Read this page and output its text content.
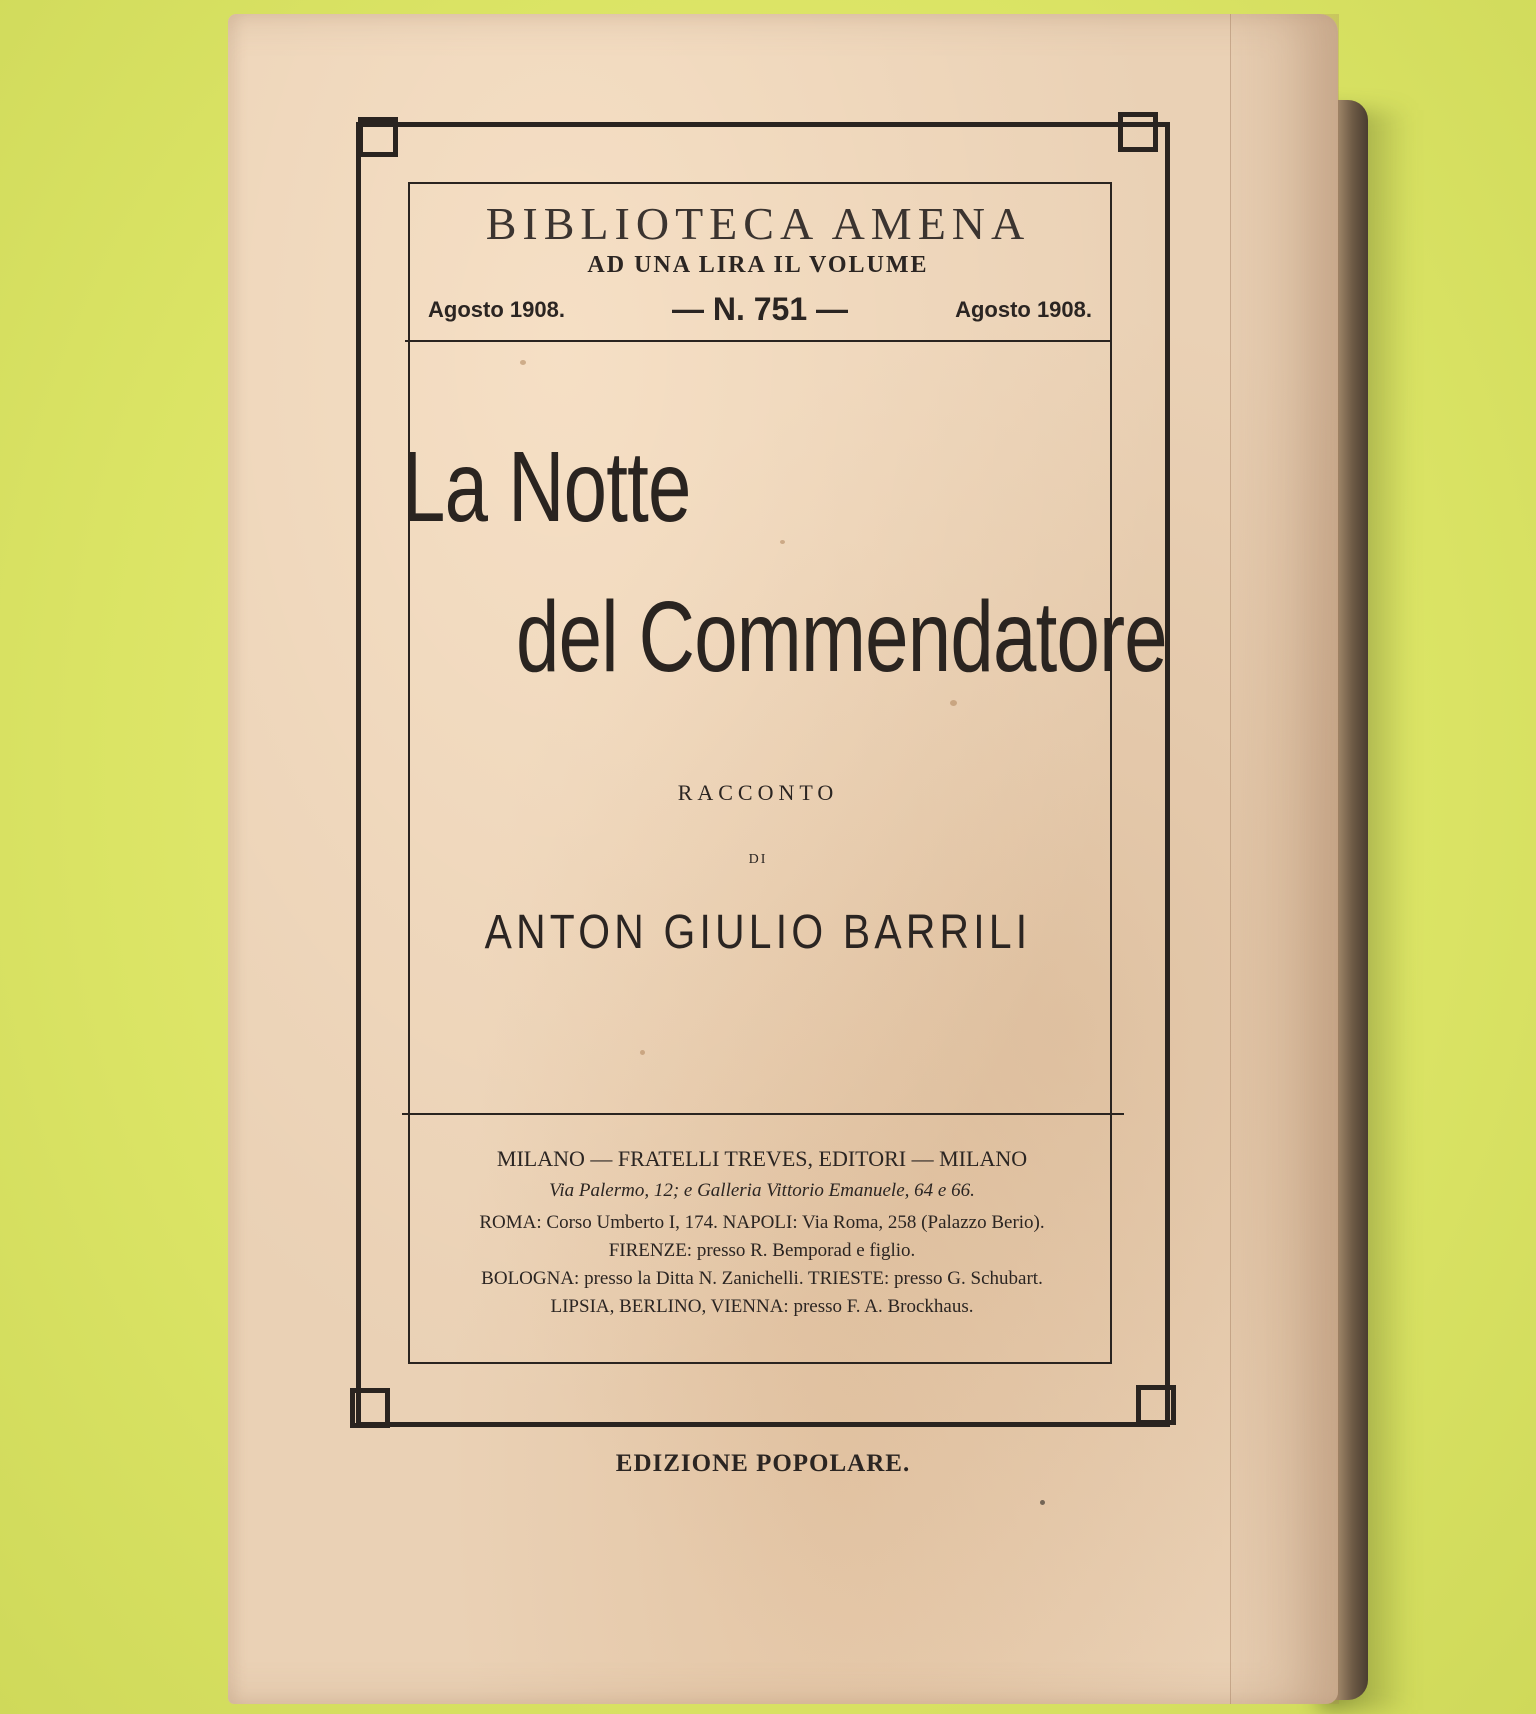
BIBLIOTECA AMENA
AD UNA LIRA IL VOLUME
Agosto 1908.	— N. 751 —	Agosto 1908.
La Notte
del Commendatore
RACCONTO
DI
ANTON GIULIO BARRILI
MILANO — FRATELLI TREVES, EDITORI — MILANO
Via Palermo, 12; e Galleria Vittorio Emanuele, 64 e 66.
ROMA: Corso Umberto I, 174. NAPOLI: Via Roma, 258 (Palazzo Berio).
FIRENZE: presso R. Bemporad e figlio.
BOLOGNA: presso la Ditta N. Zanichelli. TRIESTE: presso G. Schubart.
LIPSIA, BERLINO, VIENNA: presso F. A. Brockhaus.
EDIZIONE POPOLARE.
